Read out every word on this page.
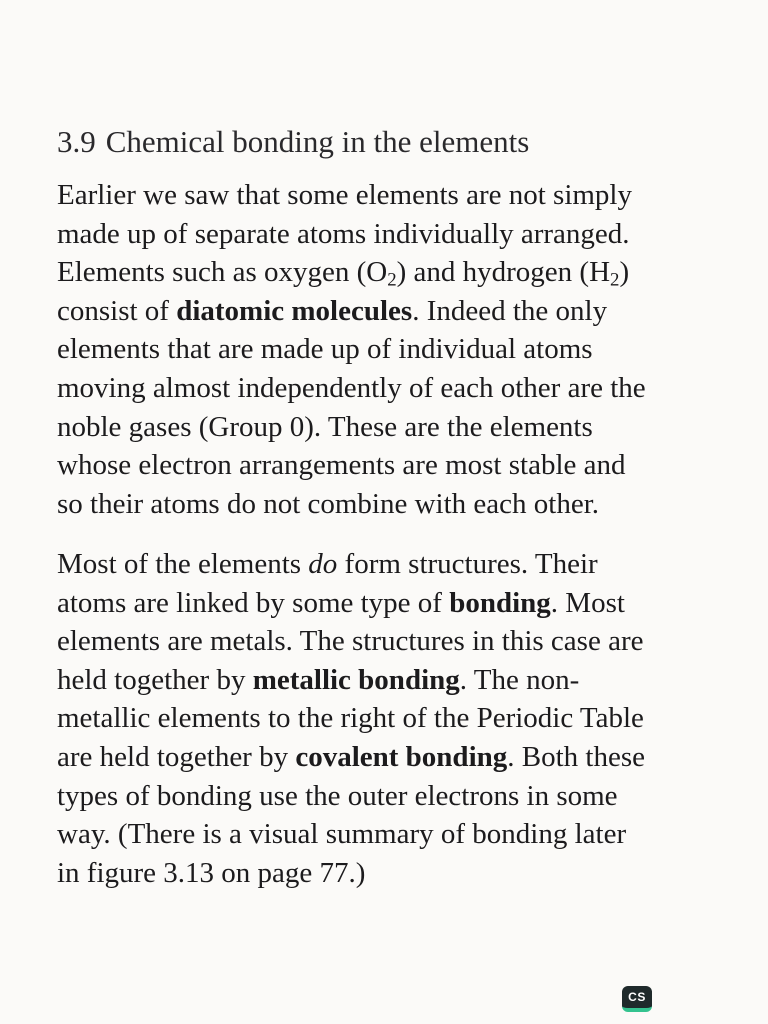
3.9 Chemical bonding in the elements

Earlier we saw that some elements are not simply
made up of separate atoms individually arranged.
Elements such as oxygen $(O_2)$ and hydrogen $(H_2)$
consist of diatomic molecules. Indeed the only
elements that are made up of individual atoms
moving almost independently of each other are the
noble gases (Group 0). These are the elements
whose electron arrangements are most stable and
so their atoms do not combine with each other.

Most of the elements do form structures. Their
atoms are linked by some type of bonding. Most
elements are metals. The structures in this case are
held together by metallic bonding. The non-
metallic elements to the right of the Periodic Table
are held together by covalent bonding. Both these
types of bonding use the outer electrons in some
way. (There is a visual summary of bonding later
in figure 3.13 on page 77.)

CS
